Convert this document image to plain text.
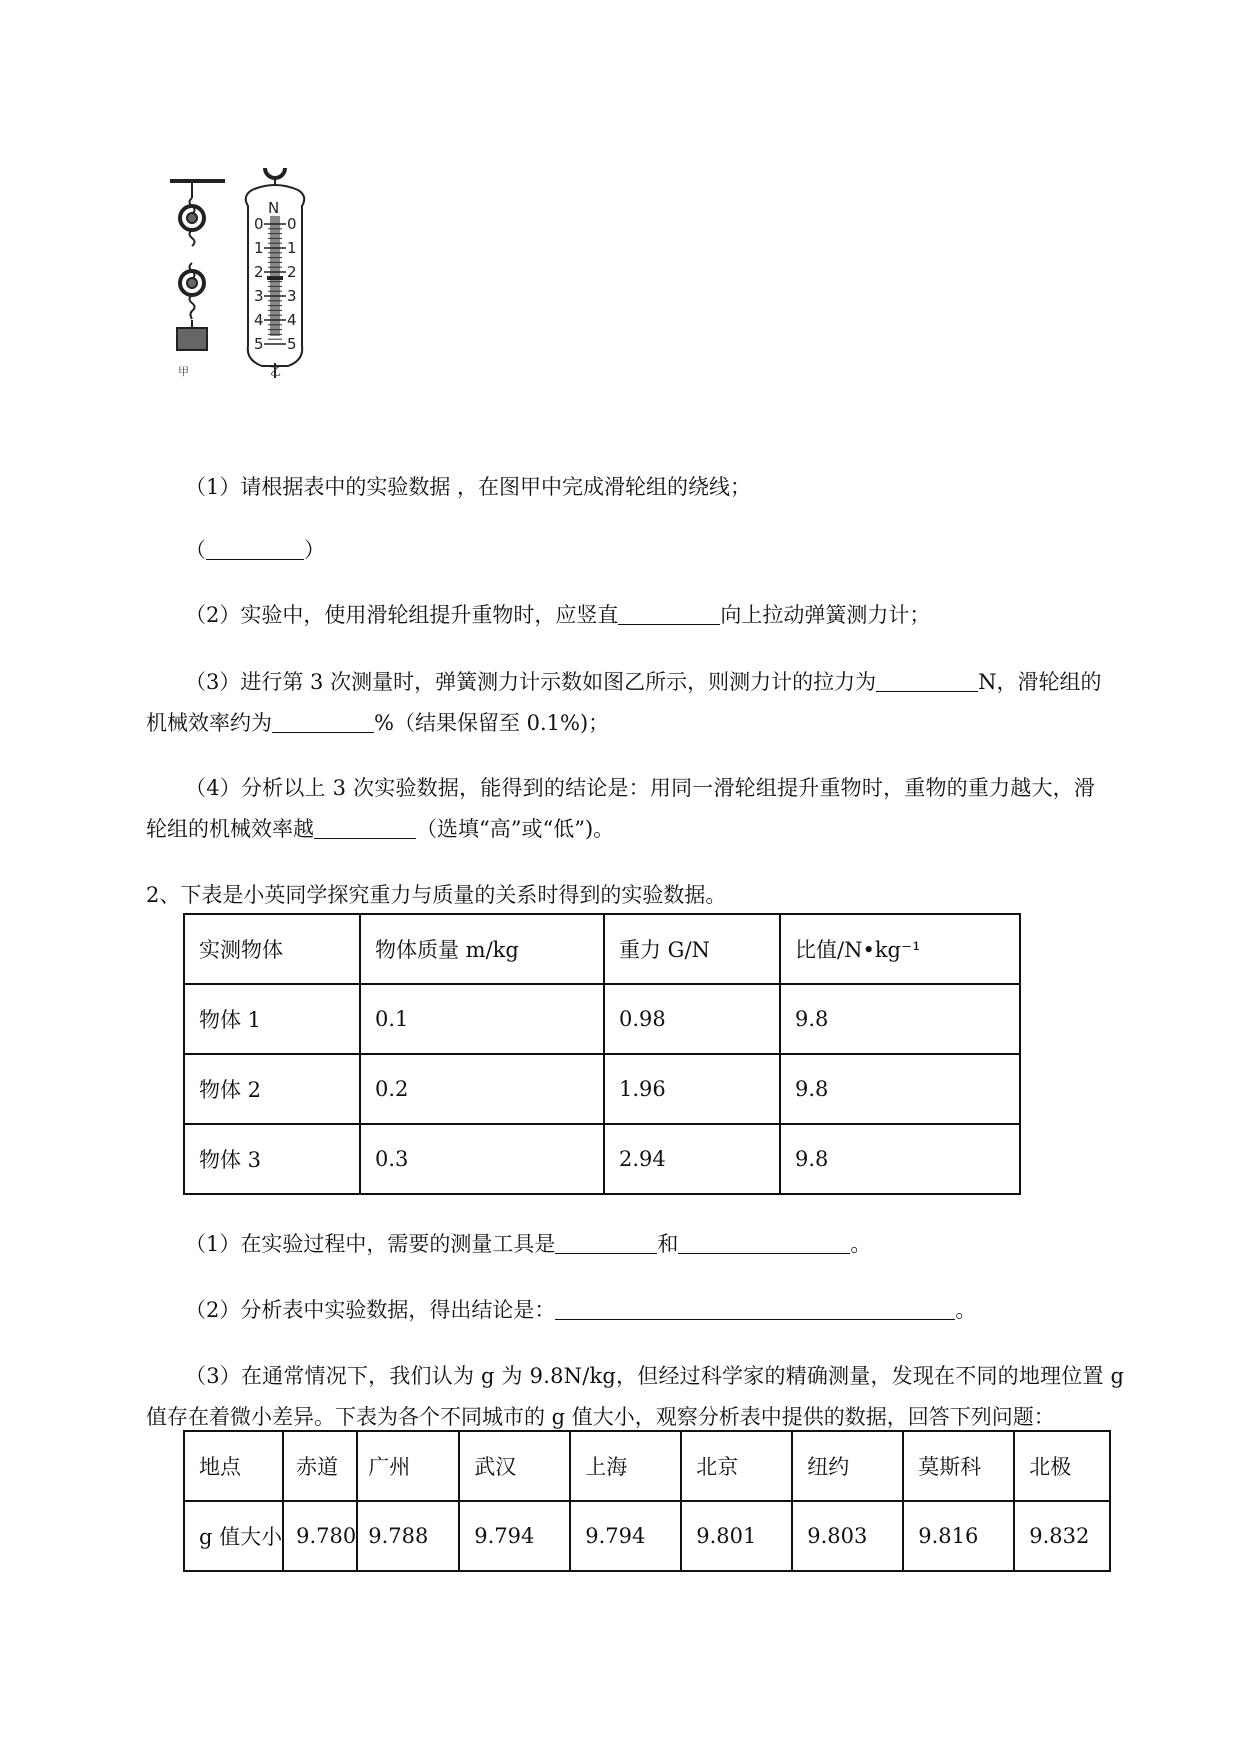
N
0 0
1 1
2 2
3 3
4 4
5 5
甲	乙
（1）请根据表中的实验数据 ，在图甲中完成滑轮组的绕线；
（	）
（2）实验中，使用滑轮组提升重物时，应竖直	向上拉动弹簧测力计；
（3）进行第 3 次测量时，弹簧测力计示数如图乙所示，则测力计的拉力为	N，滑轮组的
机械效率约为	%（结果保留至 0.1%)；
（4）分析以上 3 次实验数据，能得到的结论是：用同一滑轮组提升重物时，重物的重力越大，滑
轮组的机械效率越	（选填“高”或“低”)。
2、下表是小英同学探究重力与质量的关系时得到的实验数据。
实测物体	物体质量 m/kg	重力 G/N	比值/N•kg⁻¹
物体 1	0.1	0.98	9.8
物体 2	0.2	1.96	9.8
物体 3	0.3	2.94	9.8
（1）在实验过程中，需要的测量工具是	和	。
（2）分析表中实验数据，得出结论是：	。
（3）在通常情况下，我们认为 g 为 9.8N/kg，但经过科学家的精确测量，发现在不同的地理位置 g
值存在着微小差异。下表为各个不同城市的 g 值大小，观察分析表中提供的数据，回答下列问题：
地点	赤道	广州	武汉	上海	北京	纽约	莫斯科	北极
g 值大小	9.780	9.788	9.794	9.794	9.801	9.803	9.816	9.832
